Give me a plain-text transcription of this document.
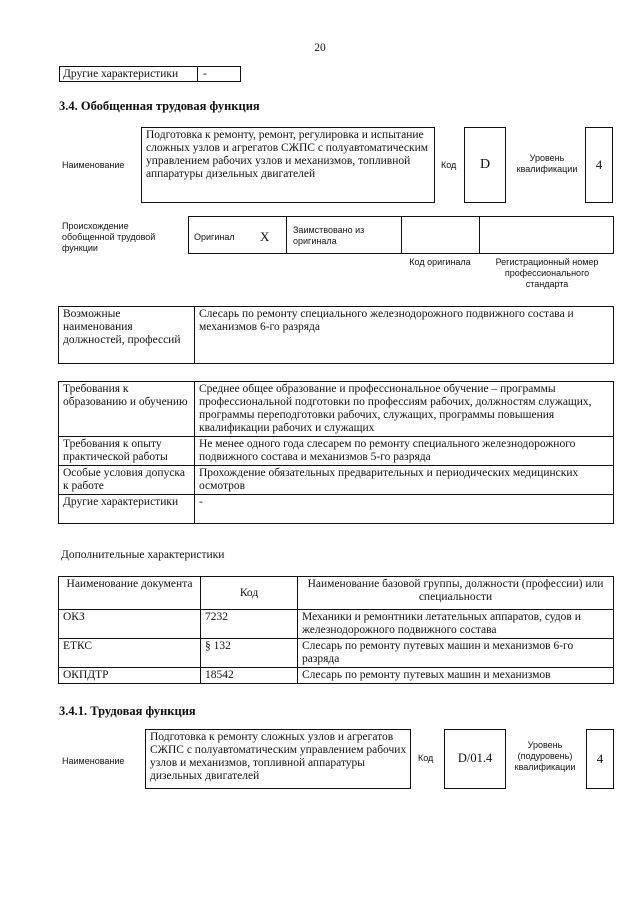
20
Другие характеристики -
3.4. Обобщенная трудовая функция
Наименование
Подготовка к ремонту, ремонт, регулировка и испытание сложных узлов и агрегатов СЖПС с полуавтоматическим управлением рабочих узлов и механизмов, топливной аппаратуры дизельных двигателей
Код	D	Уровень квалификации	4
Происхождение обобщенной трудовой функции
Оригинал X	Заимствовано из оригинала
Код оригинала	Регистрационный номер профессионального стандарта
Возможные наименования должностей, профессий	Слесарь по ремонту специального железнодорожного подвижного состава и механизмов 6-го разряда
Требования к образованию и обучению	Среднее общее образование и профессиональное обучение – программы профессиональной подготовки по профессиям рабочих, должностям служащих, программы переподготовки рабочих, служащих, программы повышения квалификации рабочих и служащих
Требования к опыту практической работы	Не менее одного года слесарем по ремонту специального железнодорожного подвижного состава и механизмов 5-го разряда
Особые условия допуска к работе	Прохождение обязательных предварительных и периодических медицинских осмотров
Другие характеристики	-
Дополнительные характеристики
Наименование документа	Код	Наименование базовой группы, должности (профессии) или специальности
ОКЗ	7232	Механики и ремонтники летательных аппаратов, судов и железнодорожного подвижного состава
ЕТКС	§ 132	Слесарь по ремонту путевых машин и механизмов 6-го разряда
ОКПДТР	18542	Слесарь по ремонту путевых машин и механизмов
3.4.1. Трудовая функция
Наименование
Подготовка к ремонту сложных узлов и агрегатов СЖПС с полуавтоматическим управлением рабочих узлов и механизмов, топливной аппаратуры дизельных двигателей
Код	D/01.4
Уровень (подуровень) квалификации
4
